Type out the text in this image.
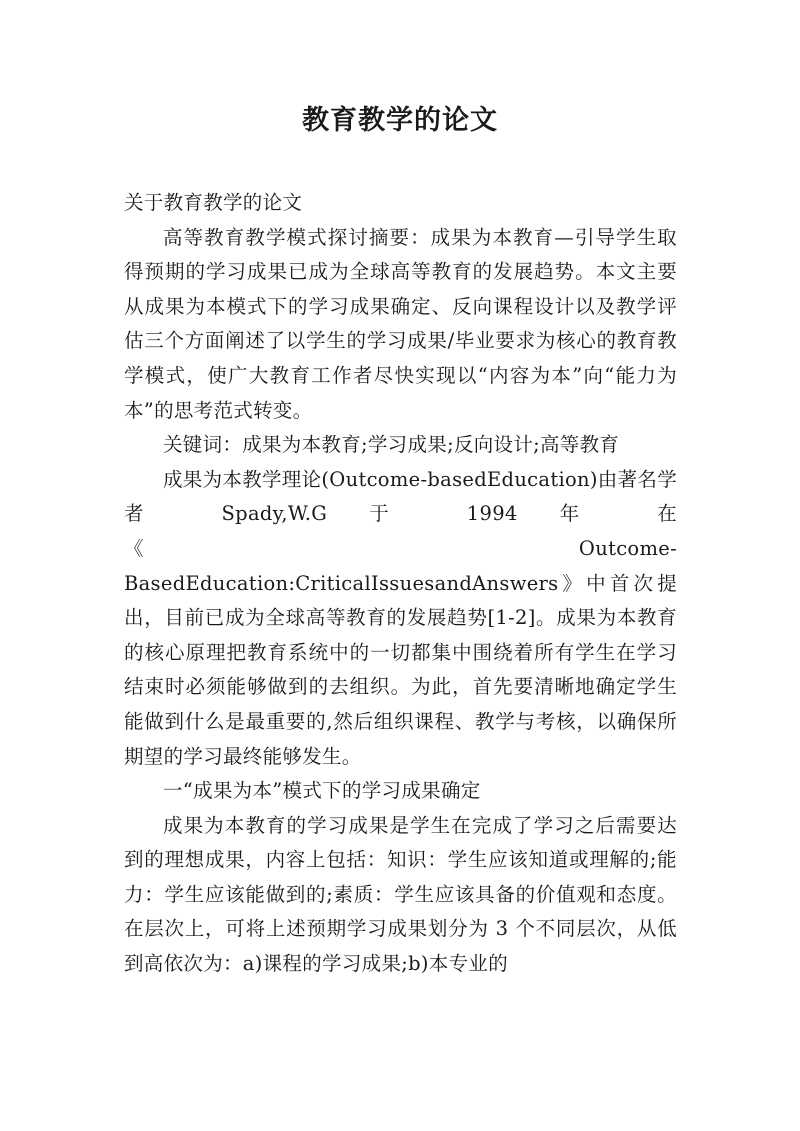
教育教学的论文

关于教育教学的论文

高等教育教学模式探讨摘要：成果为本教育—引导学生取得预期的学习成果已成为全球高等教育的发展趋势。本文主要从成果为本模式下的学习成果确定、反向课程设计以及教学评估三个方面阐述了以学生的学习成果/毕业要求为核心的教育教学模式，使广大教育工作者尽快实现以“内容为本”向“能力为本”的思考范式转变。

关键词：成果为本教育;学习成果;反向设计;高等教育

成果为本教学理论(Outcome-basedEducation)由著名学者 Spady,W.G 于 1994 年 在

《Outcome-BasedEducation:CriticalIssuesandAnswers》中首次提出，目前已成为全球高等教育的发展趋势[1-2]。成果为本教育的核心原理把教育系统中的一切都集中围绕着所有学生在学习结束时必须能够做到的去组织。为此，首先要清晰地确定学生能做到什么是最重要的,然后组织课程、教学与考核，以确保所期望的学习最终能够发生。

一“成果为本”模式下的学习成果确定

成果为本教育的学习成果是学生在完成了学习之后需要达到的理想成果，内容上包括：知识：学生应该知道或理解的;能力：学生应该能做到的;素质：学生应该具备的价值观和态度。在层次上，可将上述预期学习成果划分为 3 个不同层次，从低到高依次为：a)课程的学习成果;b)本专业的
